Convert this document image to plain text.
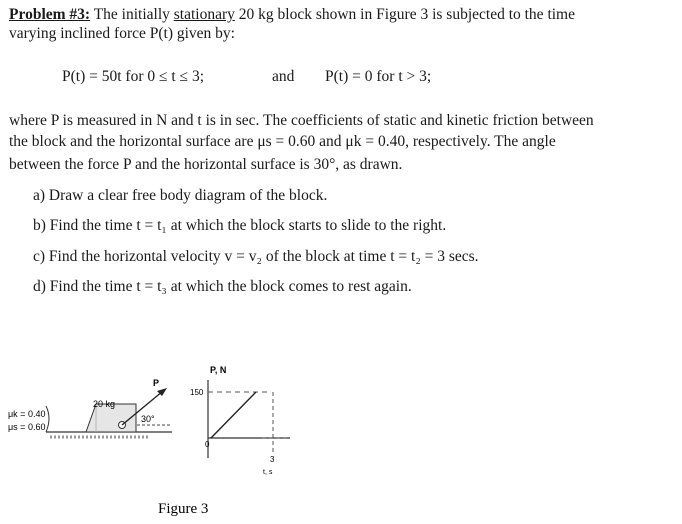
Problem #3: The initially stationary 20 kg block shown in Figure 3 is subjected to the time
varying inclined force P(t) given by:
P(t) = 50t for 0 ≤ t ≤ 3;	and P(t) = 0 for t > 3;
where P is measured in N and t is in sec. The coefficients of static and kinetic friction between
the block and the horizontal surface are μs = 0.60 and μk = 0.40, respectively. The angle
between the force P and the horizontal surface is 30°, as drawn.
a) Draw a clear free body diagram of the block.
b) Find the time t = t₁ at which the block starts to slide to the right.
c) Find the horizontal velocity v = v₂ of the block at time t = t₂ = 3 secs.
d) Find the time t = t₃ at which the block comes to rest again.
μk = 0.40
μs = 0.60
20 kg
P
30°
P, N
150
0
3
t, s
Figure 3
